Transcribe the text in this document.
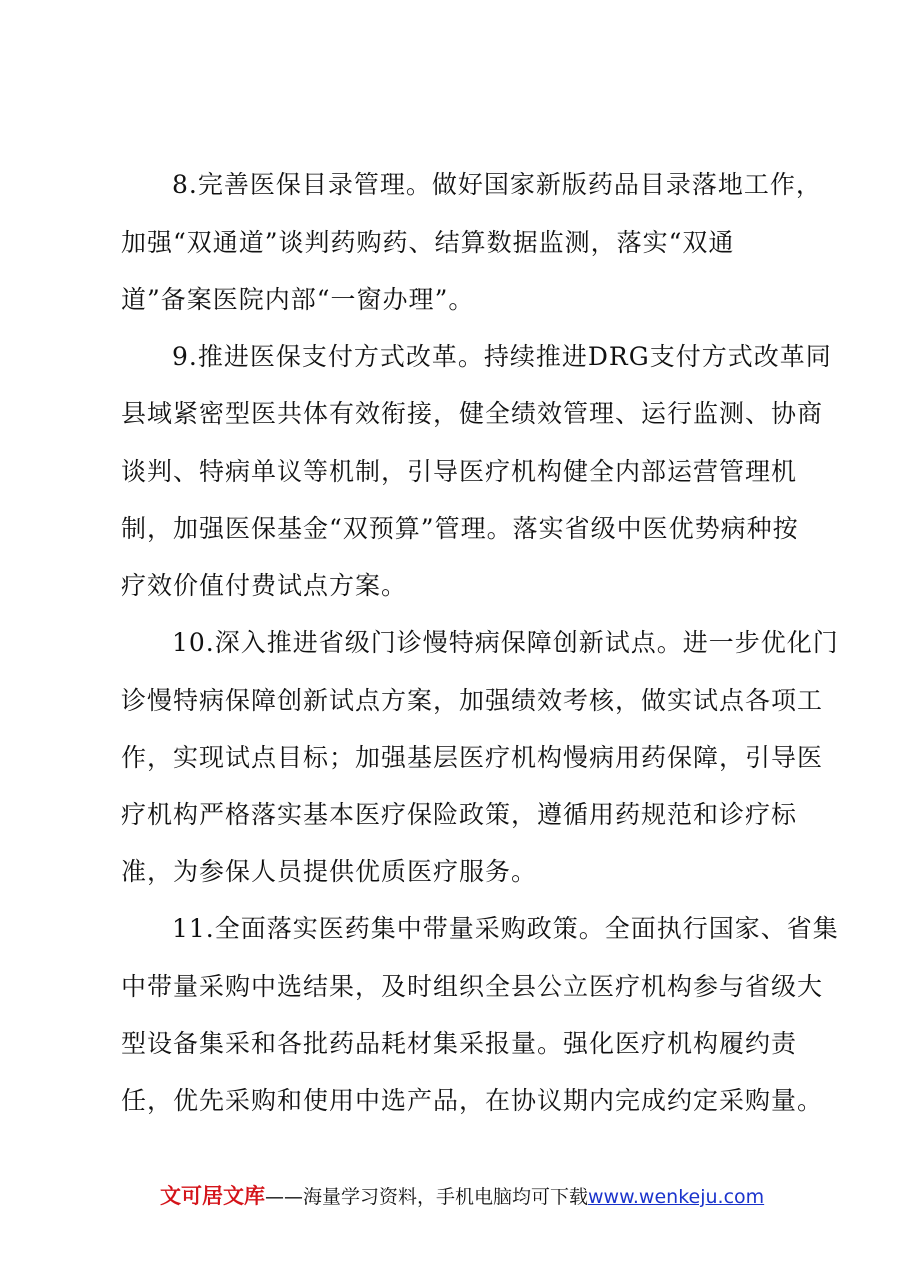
8.完善医保目录管理。做好国家新版药品目录落地工作，
加强“双通道”谈判药购药、结算数据监测，落实“双通
道”备案医院内部“一窗办理”。
9.推进医保支付方式改革。持续推进DRG支付方式改革同
县域紧密型医共体有效衔接，健全绩效管理、运行监测、协商
谈判、特病单议等机制，引导医疗机构健全内部运营管理机
制，加强医保基金“双预算”管理。落实省级中医优势病种按
疗效价值付费试点方案。
10.深入推进省级门诊慢特病保障创新试点。进一步优化门
诊慢特病保障创新试点方案，加强绩效考核，做实试点各项工
作，实现试点目标；加强基层医疗机构慢病用药保障，引导医
疗机构严格落实基本医疗保险政策，遵循用药规范和诊疗标
准，为参保人员提供优质医疗服务。
11.全面落实医药集中带量采购政策。全面执行国家、省集
中带量采购中选结果，及时组织全县公立医疗机构参与省级大
型设备集采和各批药品耗材集采报量。强化医疗机构履约责
任，优先采购和使用中选产品，在协议期内完成约定采购量。
文可居文库——海量学习资料，手机电脑均可下载www.wenkeju.com
